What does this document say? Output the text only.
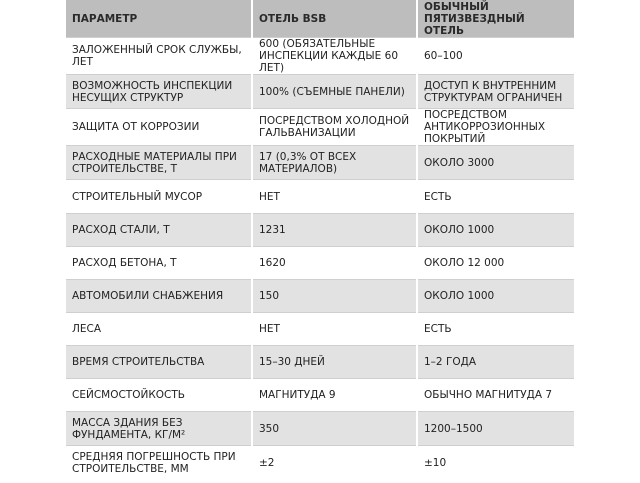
ПАРАМЕТР	ОТЕЛЬ BSB	ОБЫЧНЫЙ ПЯТИЗВЕЗДНЫЙ ОТЕЛЬ
ЗАЛОЖЕННЫЙ СРОК СЛУЖБЫ, ЛЕТ	600 (ОБЯЗАТЕЛЬНЫЕ ИНСПЕКЦИИ КАЖДЫЕ 60 ЛЕТ)	60–100
ВОЗМОЖНОСТЬ ИНСПЕКЦИИ НЕСУЩИХ СТРУКТУР	100% (СЪЕМНЫЕ ПАНЕЛИ)	ДОСТУП К ВНУТРЕННИМ СТРУКТУРАМ ОГРАНИЧЕН
ЗАЩИТА ОТ КОРРОЗИИ	ПОСРЕДСТВОМ ХОЛОДНОЙ ГАЛЬВАНИЗАЦИИ	ПОСРЕДСТВОМ АНТИКОРРОЗИОННЫХ ПОКРЫТИЙ
РАСХОДНЫЕ МАТЕРИАЛЫ ПРИ СТРОИТЕЛЬСТВЕ, Т	17 (0,3% ОТ ВСЕХ МАТЕРИАЛОВ)	ОКОЛО 3000
СТРОИТЕЛЬНЫЙ МУСОР	НЕТ	ЕСТЬ
РАСХОД СТАЛИ, Т	1231	ОКОЛО 1000
РАСХОД БЕТОНА, Т	1620	ОКОЛО 12 000
АВТОМОБИЛИ СНАБЖЕНИЯ	150	ОКОЛО 1000
ЛЕСА	НЕТ	ЕСТЬ
ВРЕМЯ СТРОИТЕЛЬСТВА	15–30 ДНЕЙ	1–2 ГОДА
СЕЙСМОСТОЙКОСТЬ	МАГНИТУДА 9	ОБЫЧНО МАГНИТУДА 7
МАССА ЗДАНИЯ БЕЗ ФУНДАМЕНТА, КГ/М²	350	1200–1500
СРЕДНЯЯ ПОГРЕШНОСТЬ ПРИ СТРОИТЕЛЬСТВЕ, ММ	±2	±10
